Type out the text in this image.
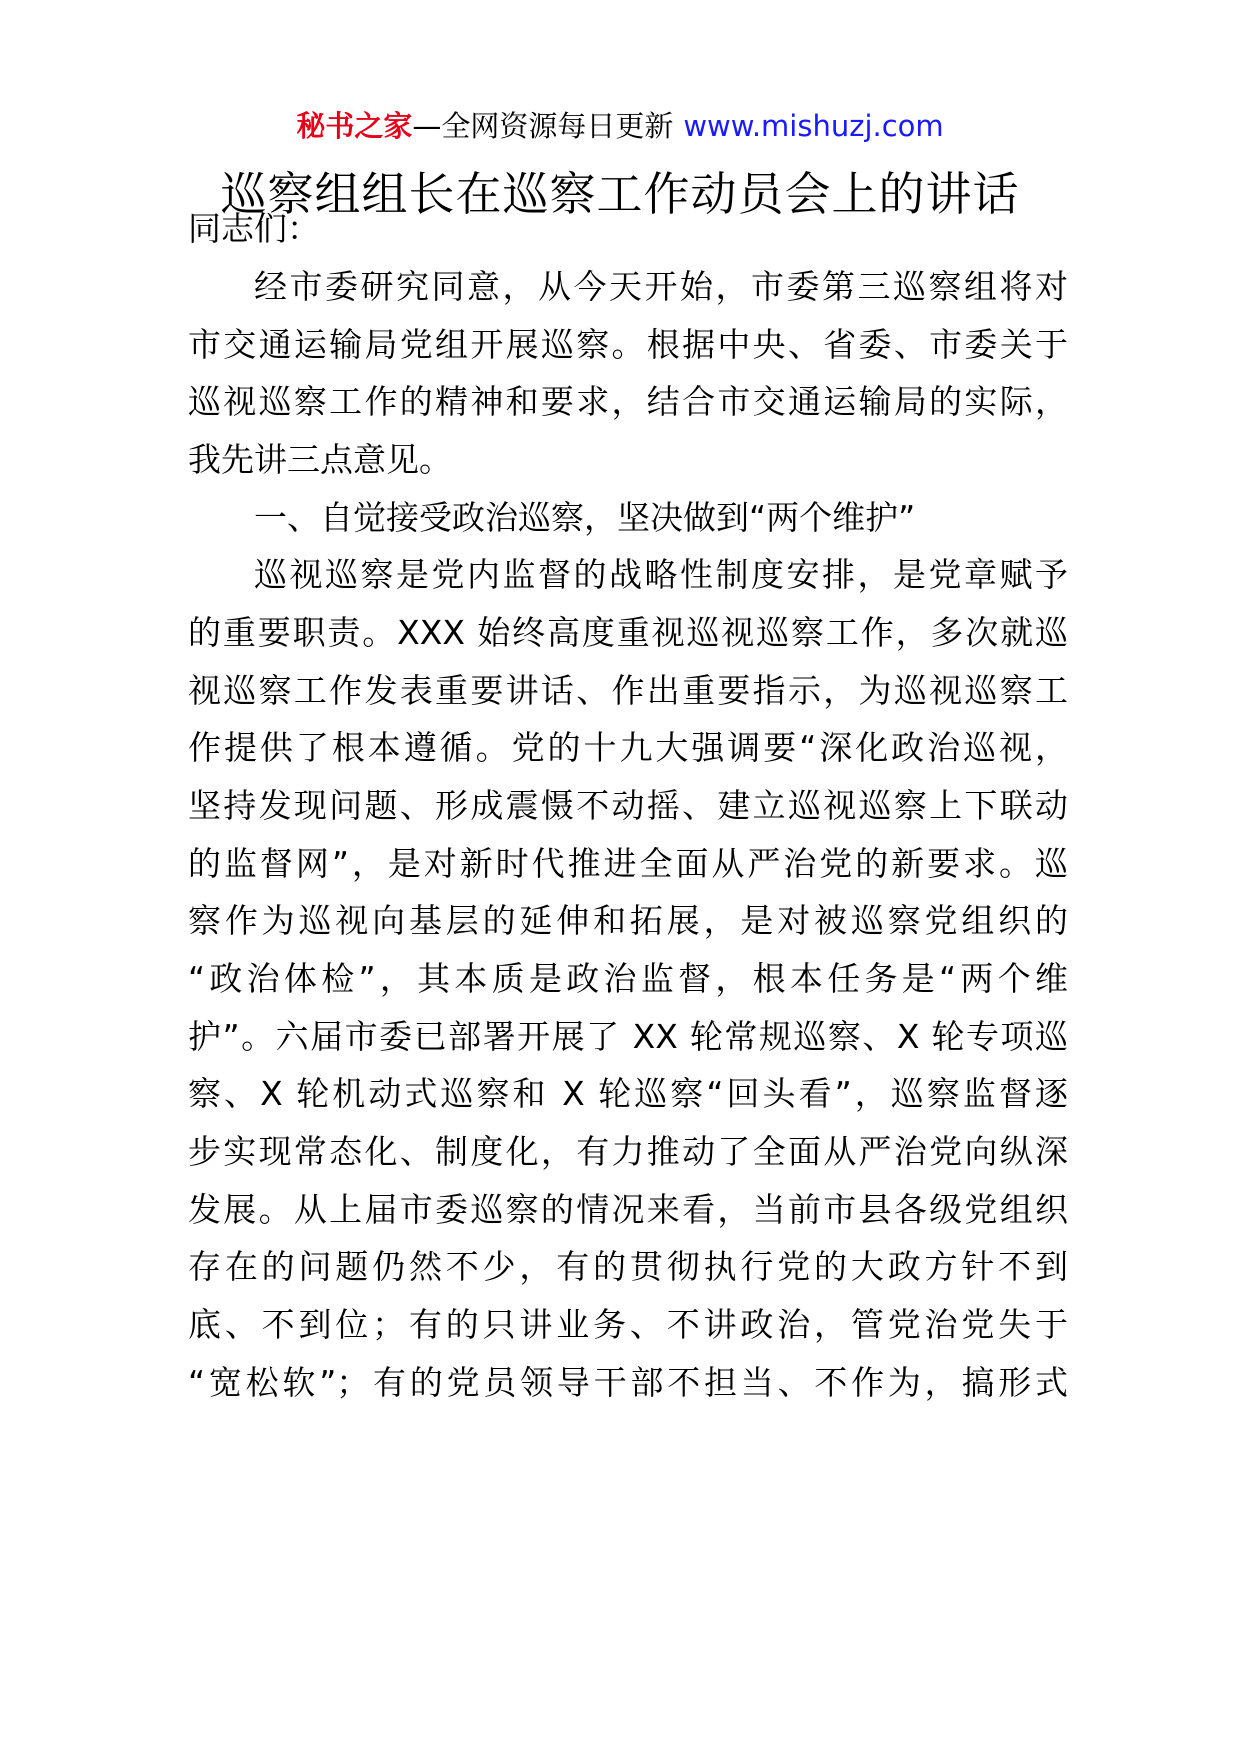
秘书之家—全网资源每日更新 www.mishuzj.com
巡察组组长在巡察工作动员会上的讲话
同志们：
经市委研究同意，从今天开始，市委第三巡察组将对
市交通运输局党组开展巡察。根据中央、省委、市委关于
巡视巡察工作的精神和要求，结合市交通运输局的实际，
我先讲三点意见。
一、自觉接受政治巡察，坚决做到“两个维护”
巡视巡察是党内监督的战略性制度安排，是党章赋予
的重要职责。XXX 始终高度重视巡视巡察工作，多次就巡
视巡察工作发表重要讲话、作出重要指示，为巡视巡察工
作提供了根本遵循。党的十九大强调要“深化政治巡视，
坚持发现问题、形成震慑不动摇、建立巡视巡察上下联动
的监督网”，是对新时代推进全面从严治党的新要求。巡
察作为巡视向基层的延伸和拓展，是对被巡察党组织的
“政治体检”，其本质是政治监督，根本任务是“两个维
护”。六届市委已部署开展了 XX 轮常规巡察、X 轮专项巡
察、X 轮机动式巡察和 X 轮巡察“回头看”，巡察监督逐
步实现常态化、制度化，有力推动了全面从严治党向纵深
发展。从上届市委巡察的情况来看，当前市县各级党组织
存在的问题仍然不少，有的贯彻执行党的大政方针不到
底、不到位；有的只讲业务、不讲政治，管党治党失于
“宽松软”；有的党员领导干部不担当、不作为，搞形式
